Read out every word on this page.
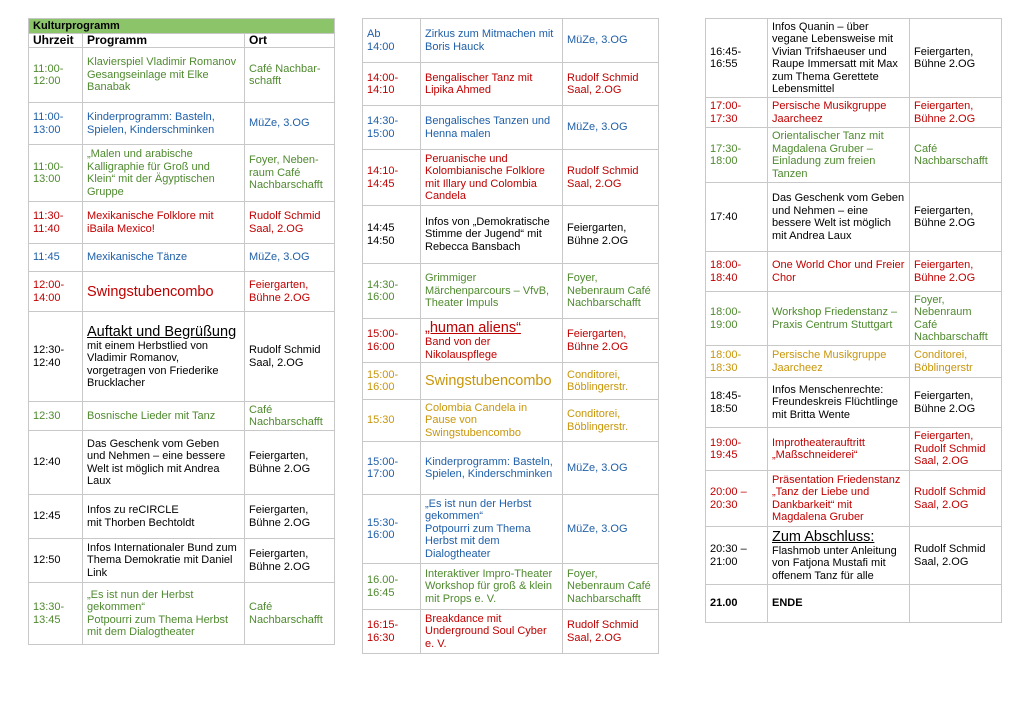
Kulturprogramm		
Uhrzeit	Programm	Ort
11:00-
12:00	Klavierspiel Vladimir Romanov
Gesangseinlage mit Elke Banabak	Café Nachbar-
schafft
11:00-
13:00	Kinderprogramm: Basteln, Spielen, Kinderschminken	MüZe, 3.OG
11:00-
13:00	„Malen und arabische Kalligraphie für Groß und Klein“ mit der Ägyptischen Gruppe	Foyer, Neben-
raum Café Nachbarschafft
11:30-
11:40	Mexikanische Folklore mit iBaila Mexico!	Rudolf Schmid Saal, 2.OG
11:45	Mexikanische Tänze	MüZe, 3.OG
12:00-
14:00	Swingstubencombo	Feiergarten, Bühne 2.OG
12:30-
12:40	Auftakt und Begrüßung
mit einem Herbstlied von Vladimir Romanov, vorgetragen von Friederike Brucklacher	Rudolf Schmid Saal, 2.OG
12:30	Bosnische Lieder mit Tanz	Café Nachbarschafft
12:40	Das Geschenk vom Geben und Nehmen – eine bessere Welt ist möglich mit Andrea Laux	Feiergarten, Bühne 2.OG
12:45	Infos zu reCIRCLE
mit Thorben Bechtoldt	Feiergarten, Bühne 2.OG
12:50	Infos Internationaler Bund zum Thema Demokratie mit Daniel Link	Feiergarten, Bühne 2.OG
13:30-
13:45	„Es ist nun der Herbst gekommen“
Potpourri zum Thema Herbst mit dem Dialogtheater	Café Nachbarschafft
Ab
14:00	Zirkus zum Mitmachen mit Boris Hauck	MüZe, 3.OG
14:00-
14:10	Bengalischer Tanz mit Lipika Ahmed	Rudolf Schmid Saal, 2.OG
14:30-
15:00	Bengalisches Tanzen und Henna malen	MüZe, 3.OG
14:10-
14:45	Peruanische und Kolombianische Folklore mit Illary und Colombia Candela	Rudolf Schmid Saal, 2.OG
14:45
14:50	Infos von „Demokratische Stimme der Jugend“ mit Rebecca Bansbach	Feiergarten, Bühne 2.OG
14:30-
16:00	Grimmiger Märchenparcours – VfvB, Theater Impuls	Foyer, Nebenraum Café Nachbarschafft
15:00-
16:00	„human aliens“
Band von der Nikolauspflege	Feiergarten, Bühne 2.OG
15:00-
16:00	Swingstubencombo	Conditorei, Böblingerstr.
15:30	Colombia Candela in Pause von Swingstubencombo	Conditorei, Böblingerstr.
15:00-
17:00	Kinderprogramm: Basteln, Spielen, Kinderschminken	MüZe, 3.OG
15:30-
16:00	„Es ist nun der Herbst gekommen“
Potpourri zum Thema Herbst mit dem Dialogtheater	MüZe, 3.OG
16.00-
16:45	Interaktiver Impro-Theater Workshop für groß & klein
mit Props e. V.	Foyer, Nebenraum Café Nachbarschafft
16:15-
16:30	Breakdance mit Underground Soul Cyber e. V.	Rudolf Schmid Saal, 2.OG
16:45-
16:55	Infos Quanin – über vegane Lebensweise mit Vivian Trifshaeuser und Raupe Immersatt mit Max zum Thema Gerettete Lebensmittel	Feiergarten, Bühne 2.OG
17:00-
17:30	Persische Musikgruppe Jaarcheez	Feiergarten, Bühne 2.OG
17:30-
18:00	Orientalischer Tanz mit Magdalena Gruber – Einladung zum freien Tanzen	Café Nachbarschafft
17:40	Das Geschenk vom Geben und Nehmen – eine bessere Welt ist möglich mit Andrea Laux	Feiergarten, Bühne 2.OG
18:00-
18:40	One World Chor und Freier Chor	Feiergarten, Bühne 2.OG
18:00-
19:00	Workshop Friedenstanz – Praxis Centrum Stuttgart	Foyer, Nebenraum Café Nachbarschafft
18:00-
18:30	Persische Musikgruppe Jaarcheez	Conditorei, Böblingerstr
18:45-
18:50	Infos Menschenrechte: Freundeskreis Flüchtlinge mit Britta Wente	Feiergarten, Bühne 2.OG
19:00-
19:45	Improtheaterauftritt „Maßschneiderei“	Feiergarten, Rudolf Schmid Saal, 2.OG
20:00 –
20:30	Präsentation Friedenstanz „Tanz der Liebe und Dankbarkeit“ mit Magdalena Gruber	Rudolf Schmid Saal, 2.OG
20:30 –
21:00	Zum Abschluss:
Flashmob unter Anleitung von Fatjona Mustafi mit offenem Tanz für alle	Rudolf Schmid Saal, 2.OG
21.00	ENDE	
